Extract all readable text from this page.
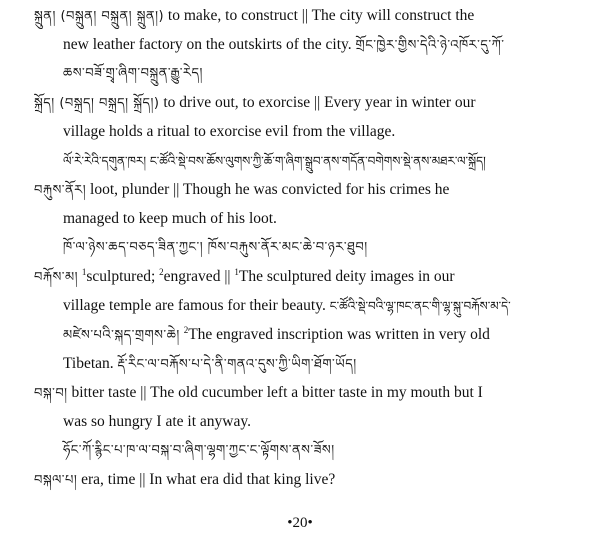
སྐྲུན། (བསྐྲུན། བསྐྲུན། སྐྲུན།) to make, to construct || The city will construct the
new leather factory on the outskirts of the city. གྲོང་ཁྱེར་གྱིས་དེའི་ཉེ་འཁོར་དུ་ཀོ་
ཆས་བཟོ་གྲྭ་ཞིག་བསྐྲུན་རྒྱུ་རེད།
སྐྲོད། (བསྐྲད། བསྐྲད། སྐྲོད།) to drive out, to exorcise || Every year in winter our
village holds a ritual to exorcise evil from the village.
ལོ་རེ་རེའི་དགུན་ཁར། ང་ཚོའི་སྡེ་བས་ཆོས་ལུགས་ཀྱི་ཆོ་ག་ཞིག་སྒྲུབ་ནས་གདོན་བགེགས་སྡེ་ནས་མཐར་ལ་སྐྲོད།
བརྐུས་ནོར། loot, plunder || Though he was convicted for his crimes he
managed to keep much of his loot.
ཁོ་ལ་ཉེས་ཆད་བཅད་ཟིན་ཀྱང་། ཁོས་བརྐུས་ནོར་མང་ཆེ་བ་ཉར་ཐུབ།
བརྐོས་མ། $^1$sculptured; $^2$engraved || $^1$The sculptured deity images in our
village temple are famous for their beauty. ང་ཚོའི་སྡེ་བའི་ལྷ་ཁང་ནང་གི་ལྷ་སྐུ་བརྐོས་མ་དེ་
མཛེས་པའི་སྐད་གྲགས་ཆེ། $^2$The engraved inscription was written in very old
Tibetan. རྡོ་རིང་ལ་བརྐོས་པ་དེ་ནི་གནའ་དུས་ཀྱི་ཡིག་ཐོག་ཡོད།
བསྐ་བ། bitter taste || The old cucumber left a bitter taste in my mouth but I
was so hungry I ate it anyway.
ཧོང་ཀོ་རྙིང་པ་ཁ་ལ་བསྐ་བ་ཞིག་ལྷག་ཀྱང་ང་ལྟོགས་ནས་ཟོས།
བསྐལ་པ། era, time || In what era did that king live?
•20•
